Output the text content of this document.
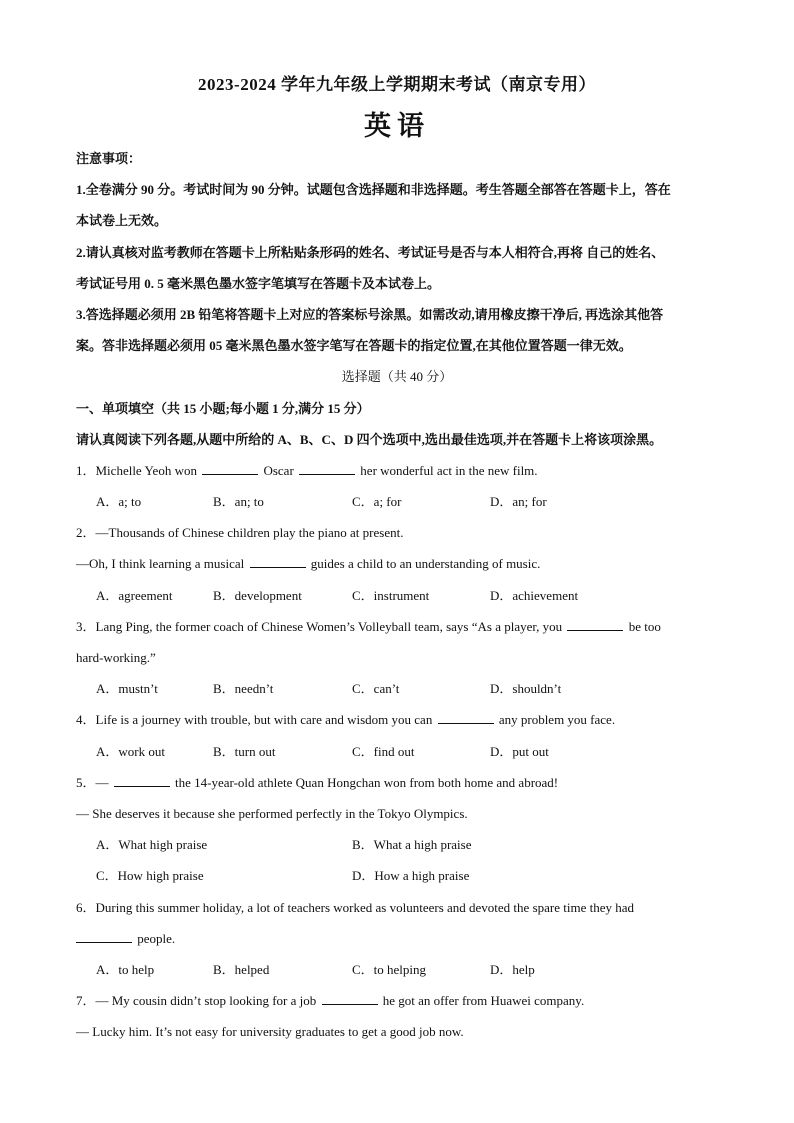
2023-2024 学年九年级上学期期末考试（南京专用）
英语
注意事项：
1.全卷满分 90 分。考试时间为 90 分钟。试题包含选择题和非选择题。考生答题全部答在答题卡上，答在
本试卷上无效。
2.请认真核对监考教师在答题卡上所粘贴条形码的姓名、考试证号是否与本人相符合,再将 自己的姓名、
考试证号用 0. 5 毫米黑色墨水签字笔填写在答题卡及本试卷上。
3.答选择题必须用 2B 铅笔将答题卡上对应的答案标号涂黑。如需改动,请用橡皮擦干净后, 再选涂其他答
案。答非选择题必须用 05 毫米黑色墨水签字笔写在答题卡的指定位置,在其他位置答题一律无效。
选择题（共 40 分）
一、单项填空（共 15 小题;每小题 1 分,满分 15 分）
请认真阅读下列各题,从题中所给的 A、B、C、D 四个选项中,选出最佳选项,并在答题卡上将该项涂黑。
1．Michelle Yeoh won	Oscar	her wonderful act in the new film.
A．a; to	B．an; to	C．a; for	D．an; for
2．—Thousands of Chinese children play the piano at present.
—Oh, I think learning a musical	guides a child to an understanding of music.
A．agreement	B．development	C．instrument	D．achievement
3．Lang Ping, the former coach of Chinese Women’s Volleyball team, says “As a player, you	be too
hard-working.”
A．mustn’t	B．needn’t	C．can’t	D．shouldn’t
4．Life is a journey with trouble, but with care and wisdom you can	any problem you face.
A．work out	B．turn out	C．find out	D．put out
5．—	the 14-year-old athlete Quan Hongchan won from both home and abroad!
— She deserves it because she performed perfectly in the Tokyo Olympics.
A．What high praise	B．What a high praise
C．How high praise	D．How a high praise
6．During this summer holiday, a lot of teachers worked as volunteers and devoted the spare time they had
people.
A．to help	B．helped	C．to helping	D．help
7．— My cousin didn’t stop looking for a job	he got an offer from Huawei company.
— Lucky him. It’s not easy for university graduates to get a good job now.
